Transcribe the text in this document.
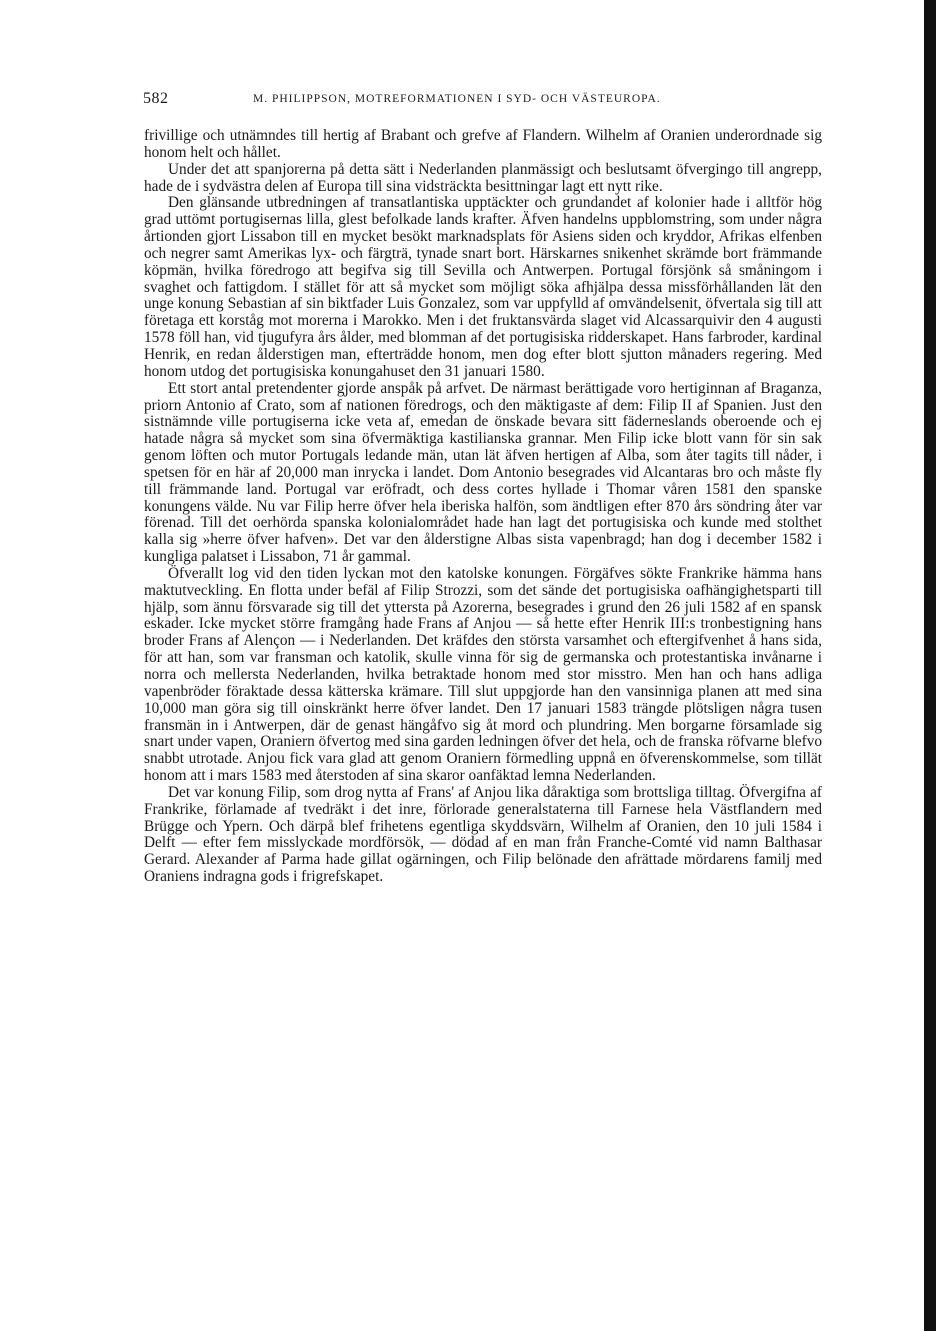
582	M. PHILIPPSON, MOTREFORMATIONEN I SYD- OCH VÄSTEUROPA.

frivillige och utnämndes till hertig af Brabant och grefve af Flandern. Wilhelm af Oranien underordnade sig honom helt och hållet.

Under det att spanjorerna på detta sätt i Nederlanden planmässigt och beslutsamt öfvergingo till angrepp, hade de i sydvästra delen af Europa till sina vidsträckta besittningar lagt ett nytt rike.

Den glänsande utbredningen af transatlantiska upptäckter och grundandet af kolonier hade i alltför hög grad uttömt portugisernas lilla, glest befolkade lands krafter. Äfven handelns uppblomstring, som under några årtionden gjort Lissabon till en mycket besökt marknadsplats för Asiens siden och kryddor, Afrikas elfenben och negrer samt Amerikas lyx- och färgträ, tynade snart bort. Härskarnes snikenhet skrämde bort främmande köpmän, hvilka föredrogo att begifva sig till Sevilla och Antwerpen. Portugal försjönk så småningom i svaghet och fattigdom. I stället för att så mycket som möjligt söka afhjälpa dessa missförhållanden lät den unge konung Sebastian af sin biktfader Luis Gonzalez, som var uppfylld af omvändelsenit, öfvertala sig till att företaga ett korståg mot morerna i Marokko. Men i det fruktansvärda slaget vid Alcassarquivir den 4 augusti 1578 föll han, vid tjugufyra års ålder, med blomman af det portugisiska ridderskapet. Hans farbroder, kardinal Henrik, en redan ålderstigen man, efterträdde honom, men dog efter blott sjutton månaders regering. Med honom utdog det portugisiska konungahuset den 31 januari 1580.

Ett stort antal pretendenter gjorde anspåk på arfvet. De närmast berättigade voro hertiginnan af Braganza, priorn Antonio af Crato, som af nationen föredrogs, och den mäktigaste af dem: Filip II af Spanien. Just den sistnämnde ville portugiserna icke veta af, emedan de önskade bevara sitt fäderneslands oberoende och ej hatade några så mycket som sina öfvermäktiga kastilianska grannar. Men Filip icke blott vann för sin sak genom löften och mutor Portugals ledande män, utan lät äfven hertigen af Alba, som åter tagits till nåder, i spetsen för en här af 20,000 man inrycka i landet. Dom Antonio besegrades vid Alcantaras bro och måste fly till främmande land. Portugal var eröfradt, och dess cortes hyllade i Thomar våren 1581 den spanske konungens välde. Nu var Filip herre öfver hela iberiska halfön, som ändtligen efter 870 års söndring åter var förenad. Till det oerhörda spanska kolonialområdet hade han lagt det portugisiska och kunde med stolthet kalla sig »herre öfver hafven». Det var den ålderstigne Albas sista vapenbragd; han dog i december 1582 i kungliga palatset i Lissabon, 71 år gammal.

Öfverallt log vid den tiden lyckan mot den katolske konungen. Förgäfves sökte Frankrike hämma hans maktutveckling. En flotta under befäl af Filip Strozzi, som det sände det portugisiska oafhängighetsparti till hjälp, som ännu försvarade sig till det yttersta på Azorerna, besegrades i grund den 26 juli 1582 af en spansk eskader. Icke mycket större framgång hade Frans af Anjou — så hette efter Henrik III:s tronbestigning hans broder Frans af Alençon — i Nederlanden. Det kräfdes den största varsamhet och eftergifvenhet å hans sida, för att han, som var fransman och katolik, skulle vinna för sig de germanska och protestantiska invånarne i norra och mellersta Nederlanden, hvilka betraktade honom med stor misstro. Men han och hans adliga vapenbröder föraktade dessa kätterska krämare. Till slut uppgjorde han den vansinniga planen att med sina 10,000 man göra sig till oinskränkt herre öfver landet. Den 17 januari 1583 trängde plötsligen några tusen fransmän in i Antwerpen, där de genast hängåfvo sig åt mord och plundring. Men borgarne församlade sig snart under vapen, Oraniern öfvertog med sina garden ledningen öfver det hela, och de franska röfvarne blefvo snabbt utrotade. Anjou fick vara glad att genom Oraniern förmedling uppnå en öfverenskommelse, som tillät honom att i mars 1583 med återstoden af sina skaror oanfäktad lemna Nederlanden.

Det var konung Filip, som drog nytta af Frans' af Anjou lika dåraktiga som brottsliga tilltag. Öfvergifna af Frankrike, förlamade af tvedräkt i det inre, förlorade generalstaterna till Farnese hela Västflandern med Brügge och Ypern. Och därpå blef frihetens egentliga skyddsvärn, Wilhelm af Oranien, den 10 juli 1584 i Delft — efter fem misslyckade mordförsök, — dödad af en man från Franche-Comté vid namn Balthasar Gerard. Alexander af Parma hade gillat ogärningen, och Filip belönade den afrättade mördarens familj med Oraniens indragna gods i frigrefskapet.
